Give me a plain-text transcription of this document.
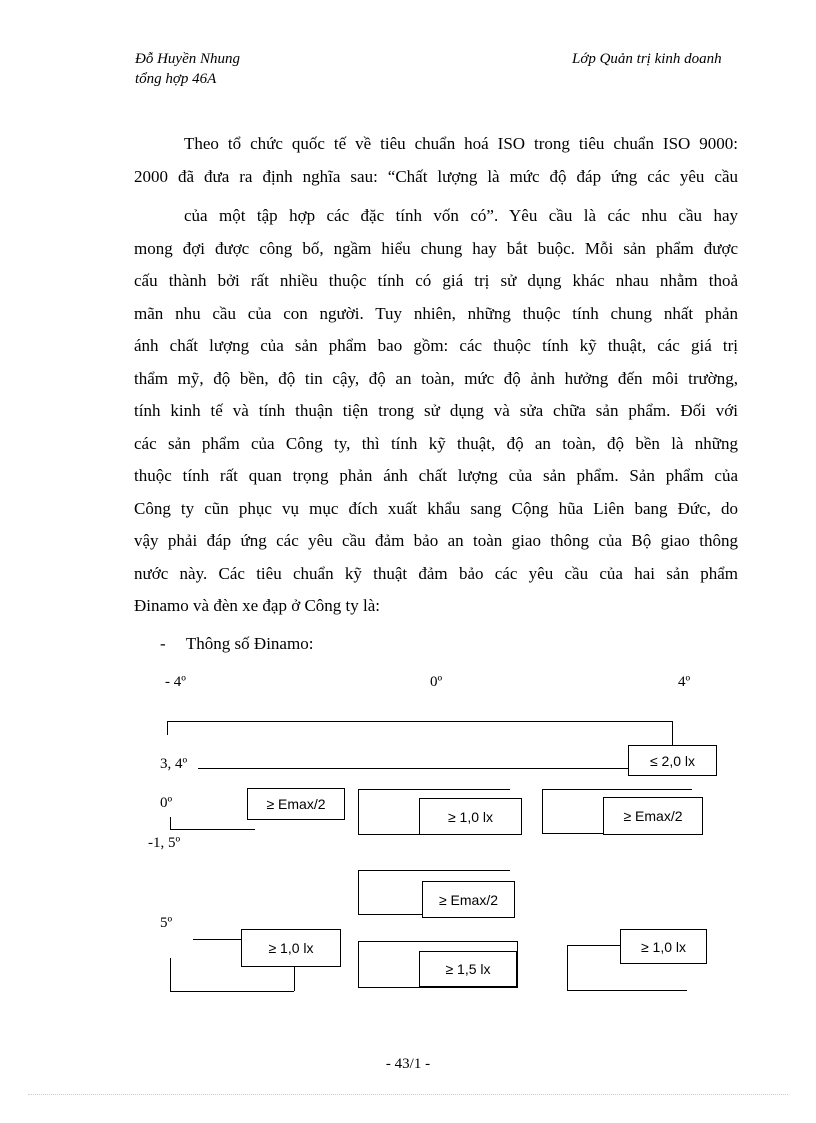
Đỗ Huyền Nhung
tổng hợp 46A
Lớp Quản trị kinh doanh
Theo tổ chức quốc tế về tiêu chuẩn hoá ISO trong tiêu chuẩn ISO 9000:
2000 đã đưa ra định nghĩa sau: “Chất lượng là mức độ đáp ứng các yêu cầu
của một tập hợp các đặc tính vốn có”. Yêu cầu là các nhu cầu hay
mong đợi được công bố, ngầm hiểu chung hay bắt buộc. Mỗi sản phẩm được
cấu thành bởi rất nhiều thuộc tính có giá trị sử dụng khác nhau nhằm thoả
mãn nhu cầu của con người. Tuy nhiên, những thuộc tính chung nhất phản
ánh chất lượng của sản phẩm bao gồm: các thuộc tính kỹ thuật, các giá trị
thẩm mỹ, độ bền, độ tin cậy, độ an toàn, mức độ ảnh hưởng đến môi trường,
tính kinh tế và tính thuận tiện trong sử dụng và sửa chữa sản phẩm. Đối với
các sản phẩm của Công ty, thì tính kỹ thuật, độ an toàn, độ bền là những
thuộc tính rất quan trọng phản ánh chất lượng của sản phẩm. Sản phẩm của
Công ty cũn phục vụ mục đích xuất khẩu sang Cộng hũa Liên bang Đức, do
vậy phải đáp ứng các yêu cầu đảm bảo an toàn giao thông của Bộ giao thông
nước này. Các tiêu chuẩn kỹ thuật đảm bảo các yêu cầu của hai sản phẩm
Đinamo và đèn xe đạp ở Công ty là:
- Thông số Đinamo:
- 4º	0º	4º
3, 4º	≤ 2,0 lx
0º
-1, 5º
≥ Emax/2
≥ 1,0 lx	≥ Emax/2
≥ Emax/2
5º
≥ 1,0 lx
≥ 1,5 lx
≥ 1,0 lx
- 43/1 -
